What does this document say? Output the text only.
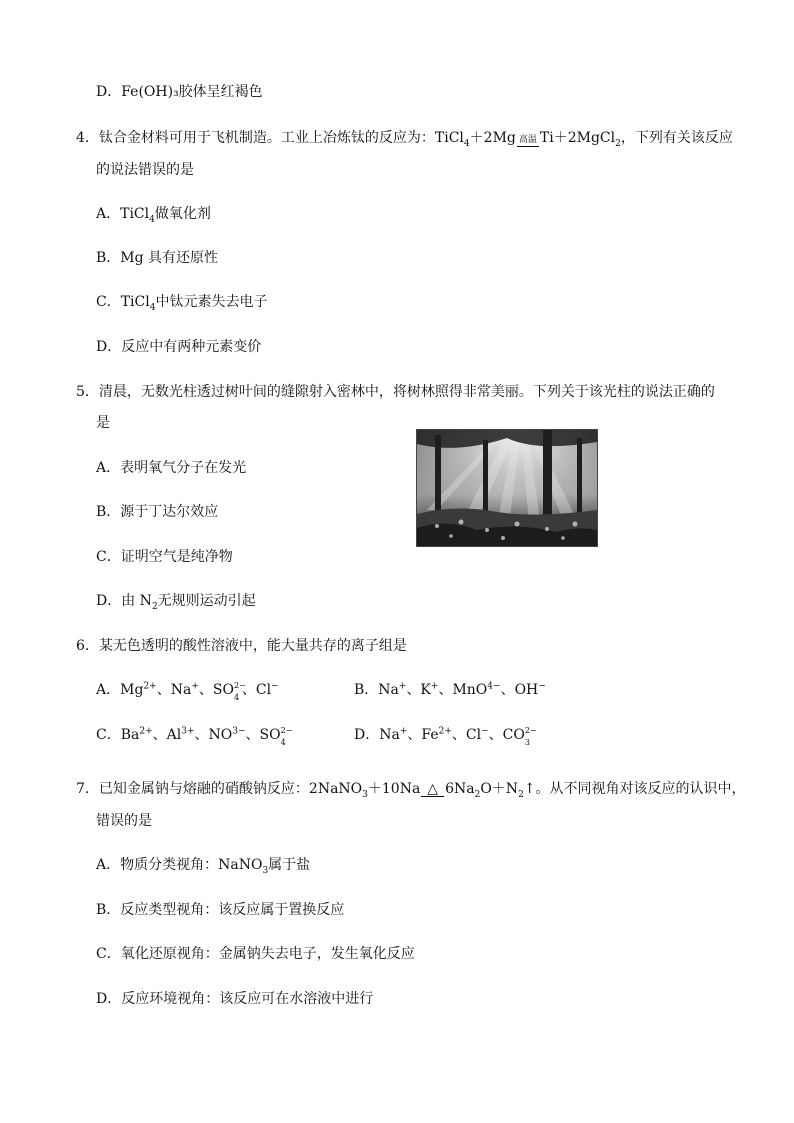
D．Fe(OH)₃胶体呈红褐色
4．钛合金材料可用于飞机制造。工业上冶炼钛的反应为：TiCl$_4$＋2Mg 高温 Ti＋2MgCl$_2$，下列有关该反应
的说法错误的是
A．TiCl$_4$做氧化剂
B．Mg 具有还原性
C．TiCl$_4$中钛元素失去电子
D．反应中有两种元素变价
5．清晨，无数光柱透过树叶间的缝隙射入密林中，将树林照得非常美丽。下列关于该光柱的说法正确的
是
A．表明氧气分子在发光
B．源于丁达尔效应
C．证明空气是纯净物
D．由 $N_2$无规则运动引起
6．某无色透明的酸性溶液中，能大量共存的离子组是
A．$Mg^{2+}$、Na+、SO 2−
4 、Cl−	B．Na+、K+、MnO$^{4-}$、OH−
C．$Ba^{2+}$、$Al^{3+}$、$NO^{3-}$、SO 2−
4	D．Na+、$Fe^{2+}$、Cl−、CO 2−
3
7．已知金属钠与熔融的硝酸钠反应：2NaNO$_3$＋10Na △ $6Na_2O+N_2↑$。从不同视角对该反应的认识中，
错误的是
A．物质分类视角：NaNO$_3$属于盐
B．反应类型视角：该反应属于置换反应
C．氧化还原视角：金属钠失去电子，发生氧化反应
D．反应环境视角：该反应可在水溶液中进行
